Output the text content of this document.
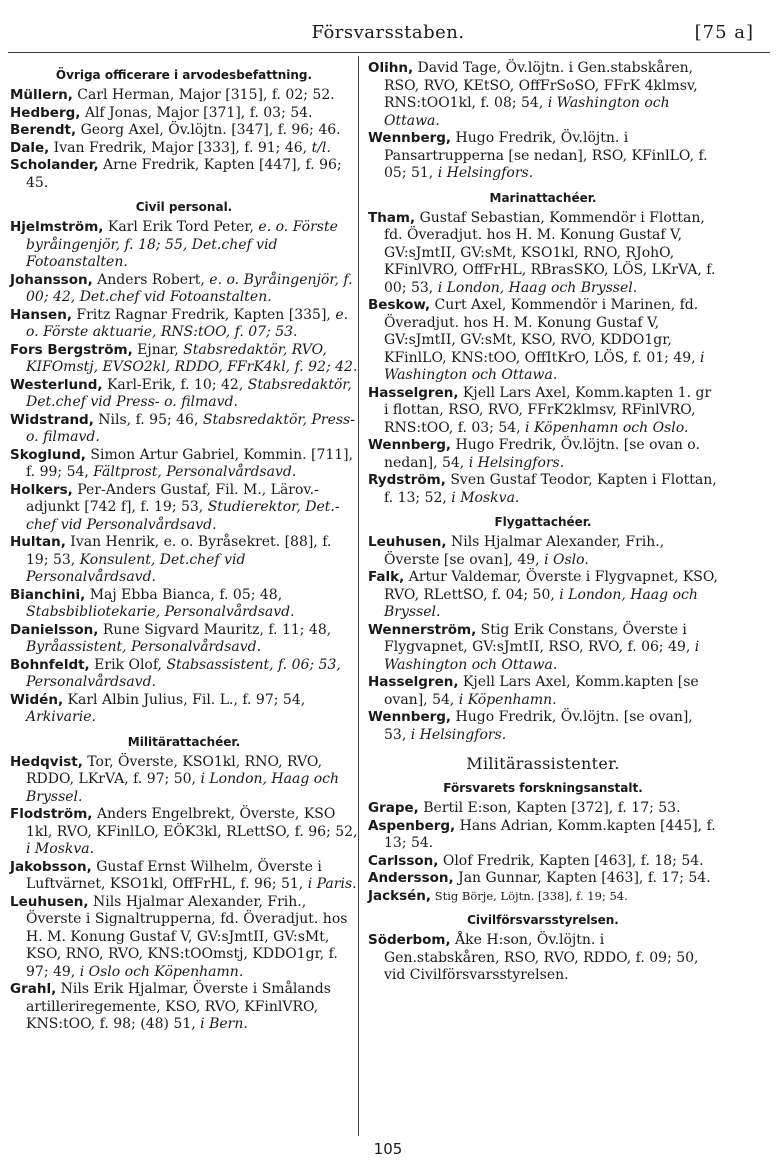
Försvarsstaben.	[75 a]
Övriga officerare i arvodesbefattning.
Müllern, Carl Herman, Major [315], f. 02; 52.
Hedberg, Alf Jonas, Major [371], f. 03; 54.
Berendt, Georg Axel, Öv.löjtn. [347], f. 96; 46.
Dale, Ivan Fredrik, Major [333], f. 91; 46, t/l.
Scholander, Arne Fredrik, Kapten [447], f. 96; 45.
Civil personal.
Hjelmström, Karl Erik Tord Peter, e. o. Förste byråingenjör, f. 18; 55, Det.chef vid Fotoanstalten.
Johansson, Anders Robert, e. o. Byråingenjör, f. 00; 42, Det.chef vid Fotoanstalten.
Hansen, Fritz Ragnar Fredrik, Kapten [335], e. o. Förste aktuarie, RNS:tOO, f. 07; 53.
Fors Bergström, Ejnar, Stabsredaktör, RVO, KIFOmstj, EVSO2kl, RDDO, FFrK4kl, f. 92; 42.
Westerlund, Karl-Erik, f. 10; 42, Stabsredaktör, Det.chef vid Press- o. filmavd.
Widstrand, Nils, f. 95; 46, Stabsredaktör, Press- o. filmavd.
Skoglund, Simon Artur Gabriel, Kommin. [711], f. 99; 54, Fältprost, Personalvårdsavd.
Holkers, Per-Anders Gustaf, Fil. M., Lärov.-adjunkt [742 f], f. 19; 53, Studierektor, Det.-chef vid Personalvårdsavd.
Hultan, Ivan Henrik, e. o. Byråsekret. [88], f. 19; 53, Konsulent, Det.chef vid Personalvårdsavd.
Bianchini, Maj Ebba Bianca, f. 05; 48, Stabsbibliotekarie, Personalvårdsavd.
Danielsson, Rune Sigvard Mauritz, f. 11; 48, Byråassistent, Personalvårdsavd.
Bohnfeldt, Erik Olof, Stabsassistent, f. 06; 53, Personalvårdsavd.
Widén, Karl Albin Julius, Fil. L., f. 97; 54, Arkivarie.
Militärattachéer.
Hedqvist, Tor, Överste, KSO1kl, RNO, RVO, RDDO, LKrVA, f. 97; 50, i London, Haag och Bryssel.
Flodström, Anders Engelbrekt, Överste, KSO 1kl, RVO, KFinlLO, EÖK3kl, RLettSO, f. 96; 52, i Moskva.
Jakobsson, Gustaf Ernst Wilhelm, Överste i Luftvärnet, KSO1kl, OffFrHL, f. 96; 51, i Paris.
Leuhusen, Nils Hjalmar Alexander, Frih., Överste i Signaltrupperna, fd. Överadjut. hos H. M. Konung Gustaf V, GV:sJmtII, GV:sMt, KSO, RNO, RVO, KNS:tOOmstj, KDDO1gr, f. 97; 49, i Oslo och Köpenhamn.
Grahl, Nils Erik Hjalmar, Överste i Smålands artilleriregemente, KSO, RVO, KFinlVRO, KNS:tOO, f. 98; (48) 51, i Bern.
Olihn, David Tage, Öv.löjtn. i Gen.stabskåren, RSO, RVO, KEtSO, OffFrSoSO, FFrK 4klmsv, RNS:tOO1kl, f. 08; 54, i Washington och Ottawa.
Wennberg, Hugo Fredrik, Öv.löjtn. i Pansartrupperna [se nedan], RSO, KFinlLO, f. 05; 51, i Helsingfors.
Marinattachéer.
Tham, Gustaf Sebastian, Kommendör i Flottan, fd. Överadjut. hos H. M. Konung Gustaf V, GV:sJmtII, GV:sMt, KSO1kl, RNO, RJohO, KFinlVRO, OffFrHL, RBrasSKO, LÖS, LKrVA, f. 00; 53, i London, Haag och Bryssel.
Beskow, Curt Axel, Kommendör i Marinen, fd. Överadjut. hos H. M. Konung Gustaf V, GV:sJmtII, GV:sMt, KSO, RVO, KDDO1gr, KFinlLO, KNS:tOO, OffItKrO, LÖS, f. 01; 49, i Washington och Ottawa.
Hasselgren, Kjell Lars Axel, Komm.kapten 1. gr i flottan, RSO, RVO, FFrK2klmsv, RFinlVRO, RNS:tOO, f. 03; 54, i Köpenhamn och Oslo.
Wennberg, Hugo Fredrik, Öv.löjtn. [se ovan o. nedan], 54, i Helsingfors.
Rydström, Sven Gustaf Teodor, Kapten i Flottan, f. 13; 52, i Moskva.
Flygattachéer.
Leuhusen, Nils Hjalmar Alexander, Frih., Överste [se ovan], 49, i Oslo.
Falk, Artur Valdemar, Överste i Flygvapnet, KSO, RVO, RLettSO, f. 04; 50, i London, Haag och Bryssel.
Wennerström, Stig Erik Constans, Överste i Flygvapnet, GV:sJmtII, RSO, RVO, f. 06; 49, i Washington och Ottawa.
Hasselgren, Kjell Lars Axel, Komm.kapten [se ovan], 54, i Köpenhamn.
Wennberg, Hugo Fredrik, Öv.löjtn. [se ovan], 53, i Helsingfors.
Militärassistenter.
Försvarets forskningsanstalt.
Grape, Bertil E:son, Kapten [372], f. 17; 53.
Aspenberg, Hans Adrian, Komm.kapten [445], f. 13; 54.
Carlsson, Olof Fredrik, Kapten [463], f. 18; 54.
Andersson, Jan Gunnar, Kapten [463], f. 17; 54.
Jacksén, Stig Börje, Löjtn. [338], f. 19; 54.
Civilförsvarsstyrelsen.
Söderbom, Åke H:son, Öv.löjtn. i Gen.stabskåren, RSO, RVO, RDDO, f. 09; 50, vid Civilförsvarsstyrelsen.
105
